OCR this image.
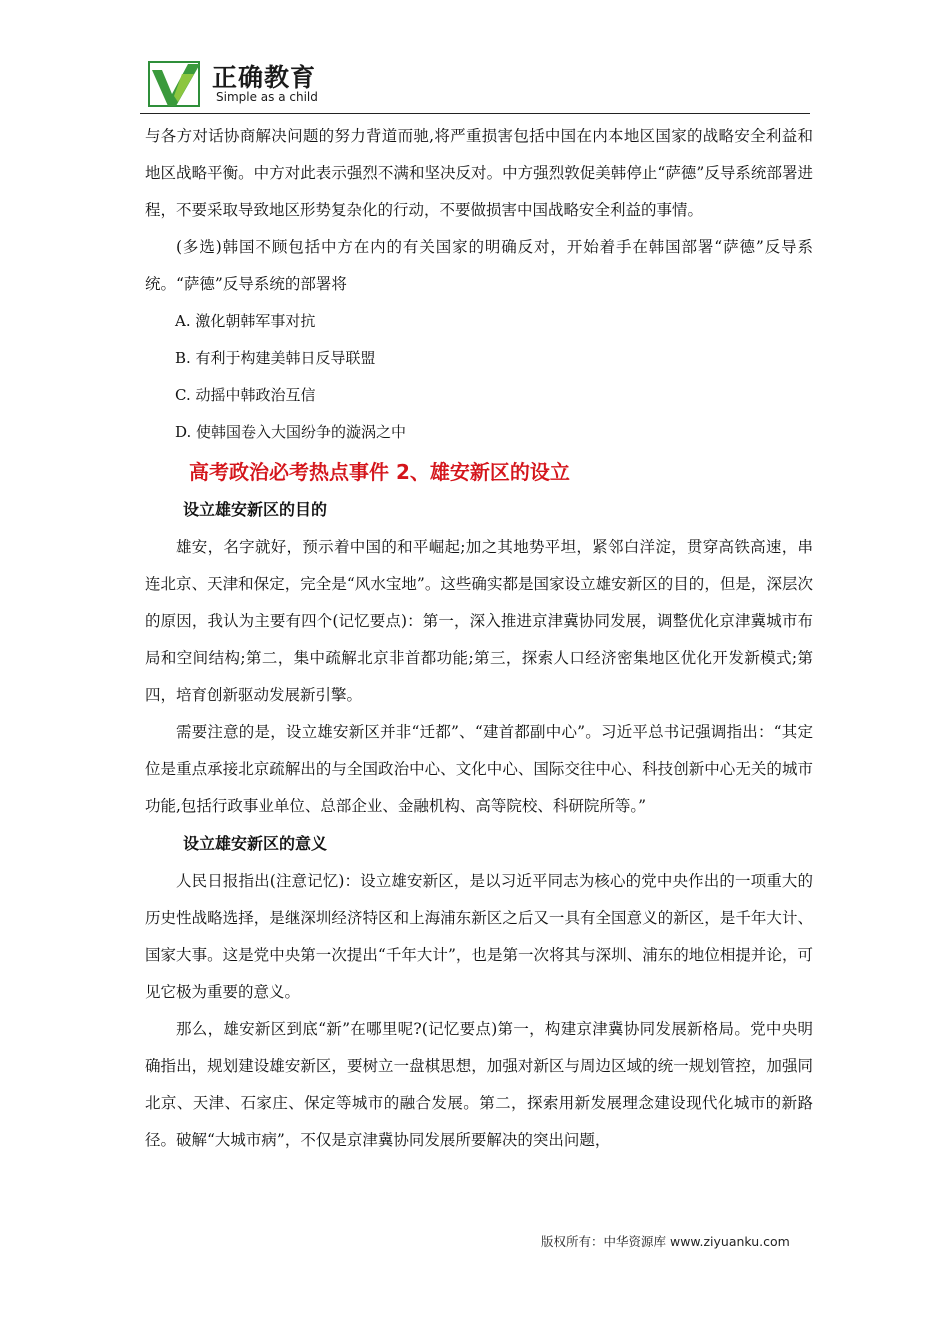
正确教育
Simple as a child

与各方对话协商解决问题的努力背道而驰,将严重损害包括中国在内本地区国家的战略安全利益和地区战略平衡。中方对此表示强烈不满和坚决反对。中方强烈敦促美韩停止“萨德”反导系统部署进程，不要采取导致地区形势复杂化的行动，不要做损害中国战略安全利益的事情。

(多选)韩国不顾包括中方在内的有关国家的明确反对，开始着手在韩国部署“萨德”反导系统。“萨德”反导系统的部署将

A. 激化朝韩军事对抗
B. 有利于构建美韩日反导联盟
C. 动摇中韩政治互信
D. 使韩国卷入大国纷争的漩涡之中
高考政治必考热点事件 2、雄安新区的设立
设立雄安新区的目的

雄安，名字就好，预示着中国的和平崛起;加之其地势平坦，紧邻白洋淀，贯穿高铁高速，串连北京、天津和保定，完全是“风水宝地”。这些确实都是国家设立雄安新区的目的，但是，深层次的原因，我认为主要有四个(记忆要点)：第一，深入推进京津冀协同发展，调整优化京津冀城市布局和空间结构;第二，集中疏解北京非首都功能;第三，探索人口经济密集地区优化开发新模式;第四，培育创新驱动发展新引擎。

需要注意的是，设立雄安新区并非“迁都”、“建首都副中心”。习近平总书记强调指出：“其定位是重点承接北京疏解出的与全国政治中心、文化中心、国际交往中心、科技创新中心无关的城市功能,包括行政事业单位、总部企业、金融机构、高等院校、科研院所等。”

设立雄安新区的意义

人民日报指出(注意记忆)：设立雄安新区，是以习近平同志为核心的党中央作出的一项重大的历史性战略选择，是继深圳经济特区和上海浦东新区之后又一具有全国意义的新区，是千年大计、国家大事。这是党中央第一次提出“千年大计”，也是第一次将其与深圳、浦东的地位相提并论，可见它极为重要的意义。

那么，雄安新区到底“新”在哪里呢?(记忆要点)第一，构建京津冀协同发展新格局。党中央明确指出，规划建设雄安新区，要树立一盘棋思想，加强对新区与周边区域的统一规划管控，加强同北京、天津、石家庄、保定等城市的融合发展。第二，探索用新发展理念建设现代化城市的新路径。破解“大城市病”，不仅是京津冀协同发展所要解决的突出问题，

版权所有：中华资源库 www.ziyuanku.com
